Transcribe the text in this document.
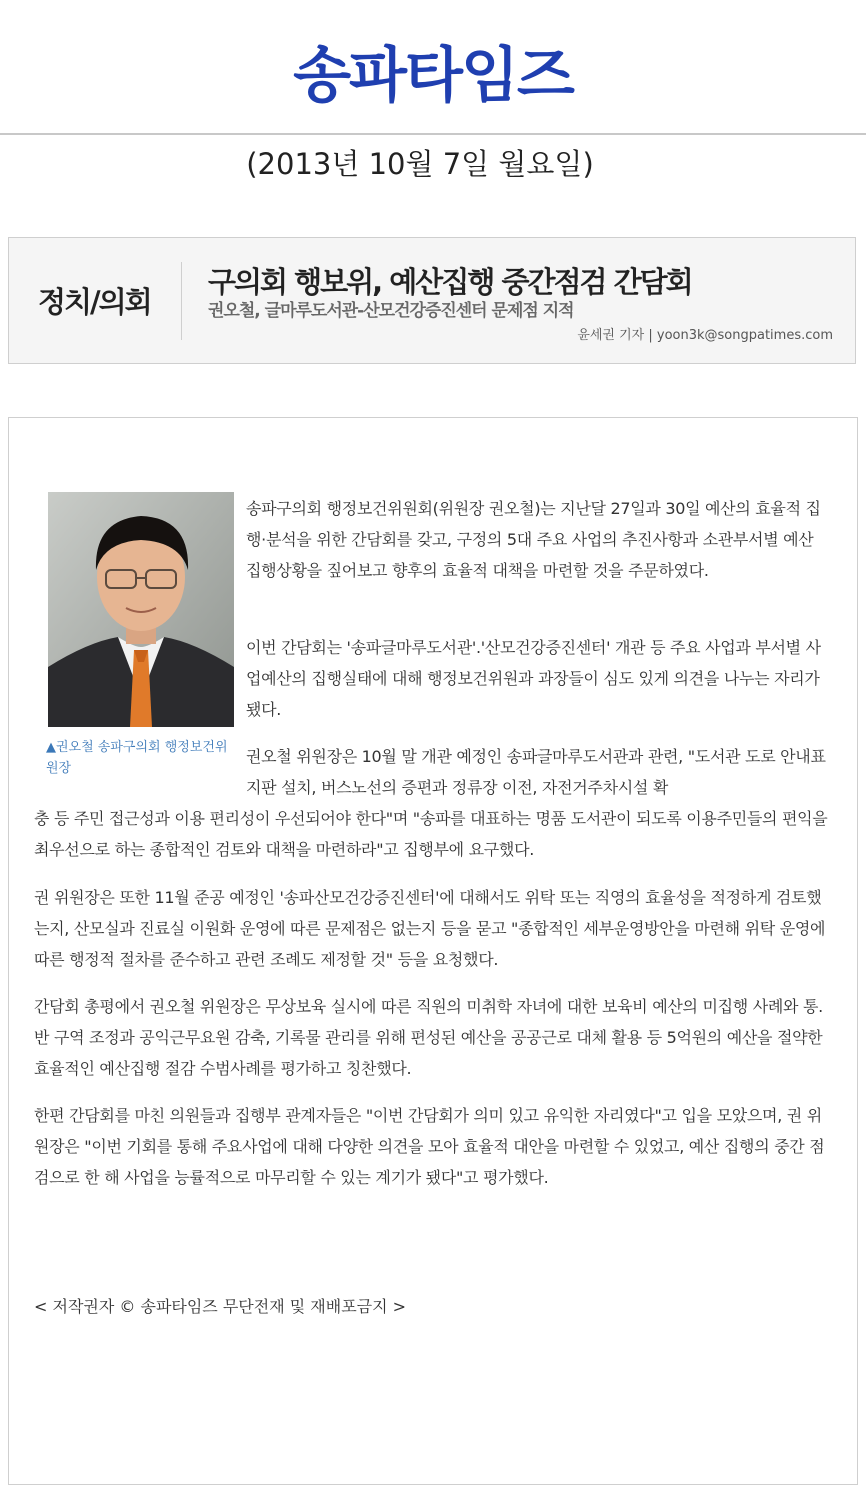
송파타임즈
(2013년 10월 7일 월요일)
정치/의회
구의회 행보위, 예산집행 중간점검 간담회
권오철, 글마루도서관-산모건강증진센터 문제점 지적
윤세권 기자 | yoon3k@songpatimes.com
▲권오철 송파구의회 행정보건위원장
송파구의회 행정보건위원회(위원장 권오철)는 지난달 27일과 30일 예산의 효율적 집행·분석을 위한 간담회를 갖고, 구정의 5대 주요 사업의 추진사항과 소관부서별 예산 집행상황을 짚어보고 향후의 효율적 대책을 마련할 것을 주문하였다.
이번 간담회는 '송파글마루도서관'.'산모건강증진센터' 개관 등 주요 사업과 부서별 사업예산의 집행실태에 대해 행정보건위원과 과장들이 심도 있게 의견을 나누는 자리가 됐다.
권오철 위원장은 10월 말 개관 예정인 송파글마루도서관과 관련, "도서관 도로 안내표지판 설치, 버스노선의 증편과 정류장 이전, 자전거주차시설 확
충 등 주민 접근성과 이용 편리성이 우선되어야 한다"며 "송파를 대표하는 명품 도서관이 되도록 이용주민들의 편익을 최우선으로 하는 종합적인 검토와 대책을 마련하라"고 집행부에 요구했다.
권 위원장은 또한 11월 준공 예정인 '송파산모건강증진센터'에 대해서도 위탁 또는 직영의 효율성을 적정하게 검토했는지, 산모실과 진료실 이원화 운영에 따른 문제점은 없는지 등을 묻고 "종합적인 세부운영방안을 마련해 위탁 운영에 따른 행정적 절차를 준수하고 관련 조례도 제정할 것" 등을 요청했다.
간담회 총평에서 권오철 위원장은 무상보육 실시에 따른 직원의 미취학 자녀에 대한 보육비 예산의 미집행 사례와 통.반 구역 조정과 공익근무요원 감축, 기록물 관리를 위해 편성된 예산을 공공근로 대체 활용 등 5억원의 예산을 절약한 효율적인 예산집행 절감 수범사례를 평가하고 칭찬했다.
한편 간담회를 마친 의원들과 집행부 관계자들은 "이번 간담회가 의미 있고 유익한 자리였다"고 입을 모았으며, 권 위원장은 "이번 기회를 통해 주요사업에 대해 다양한 의견을 모아 효율적 대안을 마련할 수 있었고, 예산 집행의 중간 점검으로 한 해 사업을 능률적으로 마무리할 수 있는 계기가 됐다"고 평가했다.
< 저작권자 © 송파타임즈 무단전재 및 재배포금지 >
